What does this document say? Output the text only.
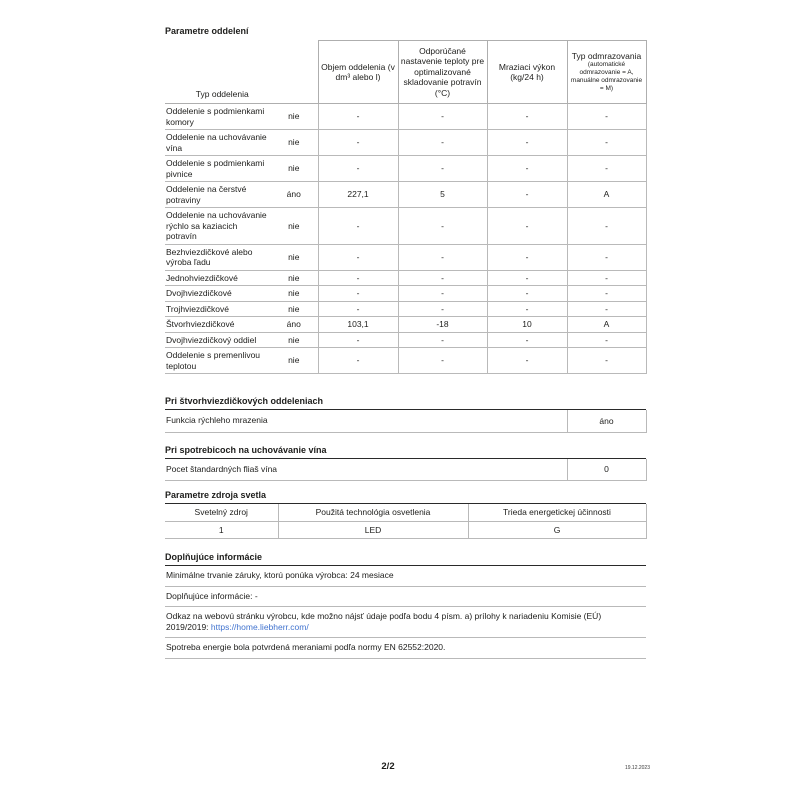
Parametre oddelení
Typ oddelenia		Objem oddelenia (v dm³ alebo l)	Odporúčané nastavenie teploty pre optimalizované skladovanie potravín (°C)	Mraziaci výkon (kg/24 h)	Typ odmrazovania
(automatické odmrazovanie = A, manuálne odmrazovanie = M)

Oddelenie s podmienkami komory	nie	-	-	-	-
Oddelenie na uchovávanie vína	nie	-	-	-	-
Oddelenie s podmienkami pivnice	nie	-	-	-	-
Oddelenie na čerstvé potraviny	áno	227,1	5	-	A
Oddelenie na uchovávanie rýchlo sa kaziacich potravín	nie	-	-	-	-
Bezhviezdičkové alebo výroba ľadu	nie	-	-	-	-
Jednohviezdičkové	nie	-	-	-	-
Dvojhviezdičkové	nie	-	-	-	-
Trojhviezdičkové	nie	-	-	-	-
Štvorhviezdičkové	áno	103,1	-18	10	A
Dvojhviezdičkový oddiel	nie	-	-	-	-
Oddelenie s premenlivou teplotou	nie	-	-	-	-
Pri štvorhviezdičkových oddeleniach
Funkcia rýchleho mrazenia	áno
Pri spotrebicoch na uchovávanie vína
Pocet štandardných fliaš vína	0
Parametre zdroja svetla
Svetelný zdroj	Použitá technológia osvetlenia	Trieda energetickej účinnosti
1	LED	G
Doplňujúce informácie
Minimálne trvanie záruky, ktorú ponúka výrobca: 24 mesiace
Doplňujúce informácie: -
Odkaz na webovú stránku výrobcu, kde možno nájsť údaje podľa bodu 4 písm. a) prílohy k nariadeniu Komisie (EÚ) 2019/2019: https://home.liebherr.com/
Spotreba energie bola potvrdená meraniami podľa normy EN 62552:2020.
2/2	19.12.2023
